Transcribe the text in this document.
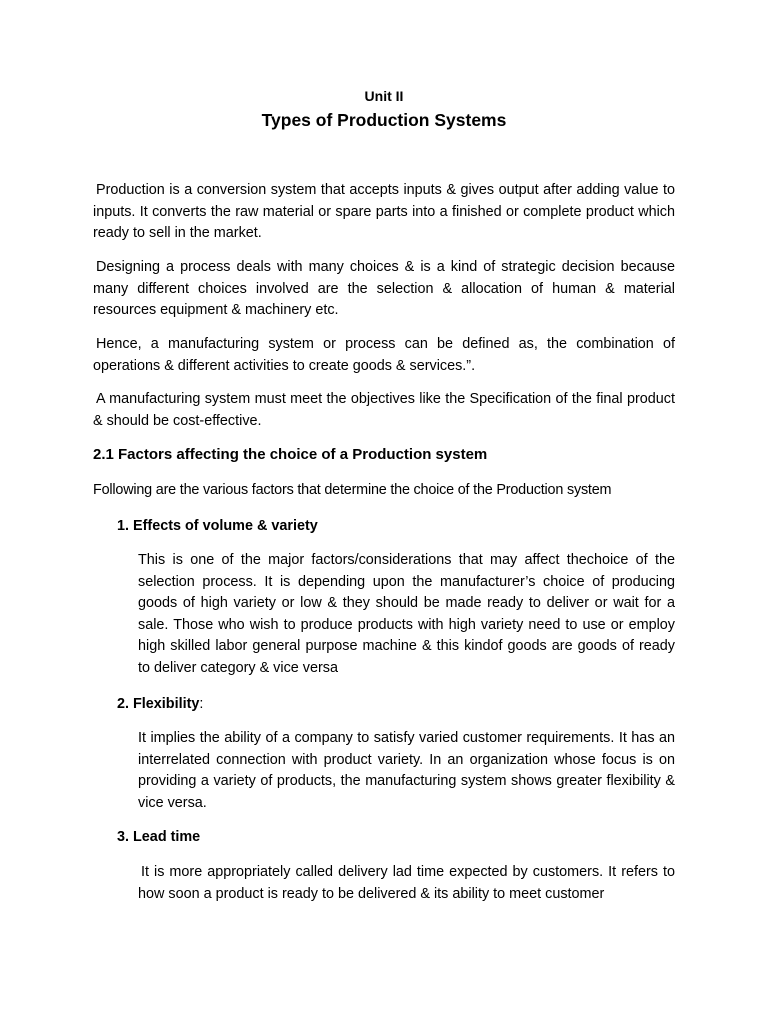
Unit II
Types of Production Systems

Production is a conversion system that accepts inputs & gives output after adding value to inputs. It converts the raw material or spare parts into a finished or complete product which ready to sell in the market.

Designing a process deals with many choices & is a kind of strategic decision because many different choices involved are the selection & allocation of human & material resources equipment & machinery etc.

Hence, a manufacturing system or process can be defined as, the combination of operations & different activities to create goods & services.”.

A manufacturing system must meet the objectives like the Specification of the final product & should be cost-effective.

2.1 Factors affecting the choice of a Production system

Following are the various factors that determine the choice of the Production system

1. Effects of volume & variety

This is one of the major factors/considerations that may affect thechoice of the selection process. It is depending upon the manufacturer’s choice of producing goods of high variety or low & they should be made ready to deliver or wait for a sale. Those who wish to produce products with high variety need to use or employ high skilled labor general purpose machine & this kindof goods are goods of ready to deliver category & vice versa

2. Flexibility:

It implies the ability of a company to satisfy varied customer requirements. It has an interrelated connection with product variety. In an organization whose focus is on providing a variety of products, the manufacturing system shows greater flexibility & vice versa.

3. Lead time

It is more appropriately called delivery lad time expected by customers. It refers to how soon a product is ready to be delivered & its ability to meet customer
